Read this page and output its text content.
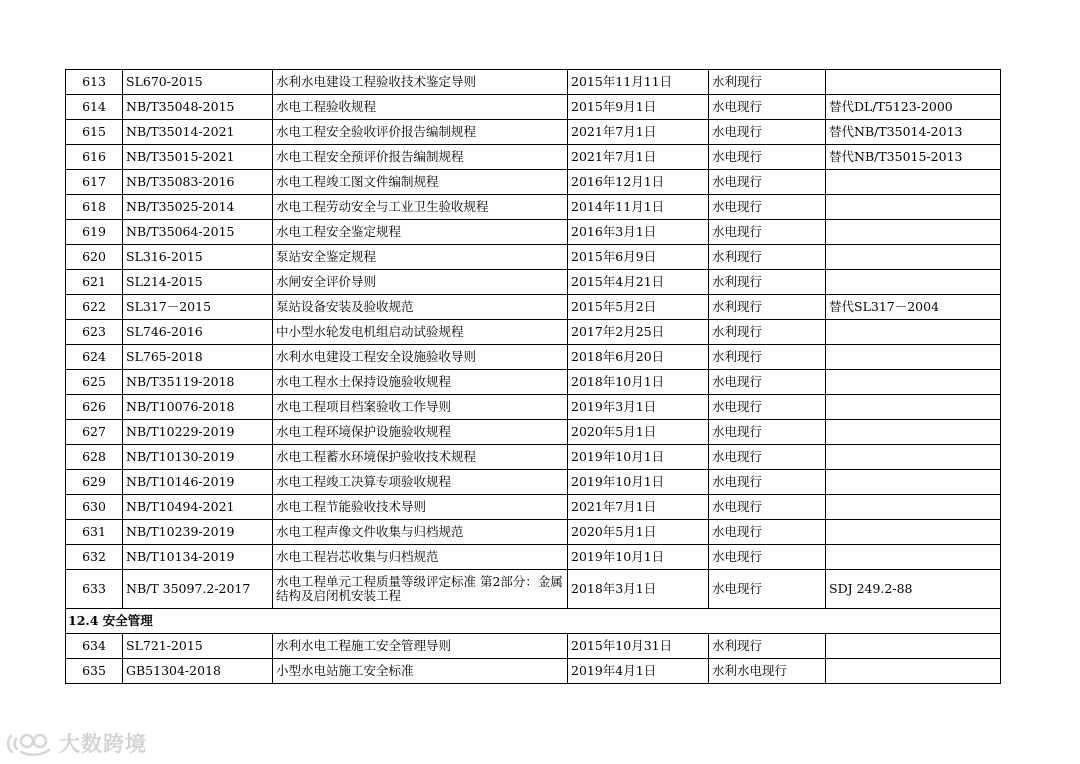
613	SL670-2015	水利水电建设工程验收技术鉴定导则	2015年11月11日	水利现行	
614	NB/T35048-2015	水电工程验收规程	2015年9月1日	水电现行	替代DL/T5123-2000
615	NB/T35014-2021	水电工程安全验收评价报告编制规程	2021年7月1日	水电现行	替代NB/T35014-2013
616	NB/T35015-2021	水电工程安全预评价报告编制规程	2021年7月1日	水电现行	替代NB/T35015-2013
617	NB/T35083-2016	水电工程竣工图文件编制规程	2016年12月1日	水电现行	
618	NB/T35025-2014	水电工程劳动安全与工业卫生验收规程	2014年11月1日	水电现行	
619	NB/T35064-2015	水电工程安全鉴定规程	2016年3月1日	水电现行	
620	SL316-2015	泵站安全鉴定规程	2015年6月9日	水利现行	
621	SL214-2015	水闸安全评价导则	2015年4月21日	水利现行	
622	SL317－2015	泵站设备安装及验收规范	2015年5月2日	水利现行	替代SL317－2004
623	SL746-2016	中小型水轮发电机组启动试验规程	2017年2月25日	水利现行	
624	SL765-2018	水利水电建设工程安全设施验收导则	2018年6月20日	水利现行	
625	NB/T35119-2018	水电工程水土保持设施验收规程	2018年10月1日	水电现行	
626	NB/T10076-2018	水电工程项目档案验收工作导则	2019年3月1日	水电现行	
627	NB/T10229-2019	水电工程环境保护设施验收规程	2020年5月1日	水电现行	
628	NB/T10130-2019	水电工程蓄水环境保护验收技术规程	2019年10月1日	水电现行	
629	NB/T10146-2019	水电工程竣工决算专项验收规程	2019年10月1日	水电现行	
630	NB/T10494-2021	水电工程节能验收技术导则	2021年7月1日	水电现行	
631	NB/T10239-2019	水电工程声像文件收集与归档规范	2020年5月1日	水电现行	
632	NB/T10134-2019	水电工程岩芯收集与归档规范	2019年10月1日	水电现行	
633	NB/T 35097.2-2017	水电工程单元工程质量等级评定标准 第2部分：金属结构及启闭机安装工程	2018年3月1日	水电现行	SDJ 249.2-88
12.4 安全管理					
634	SL721-2015	水利水电工程施工安全管理导则	2015年10月31日	水利现行	
635	GB51304-2018	小型水电站施工安全标准	2019年4月1日	水利水电现行	
大数跨境
